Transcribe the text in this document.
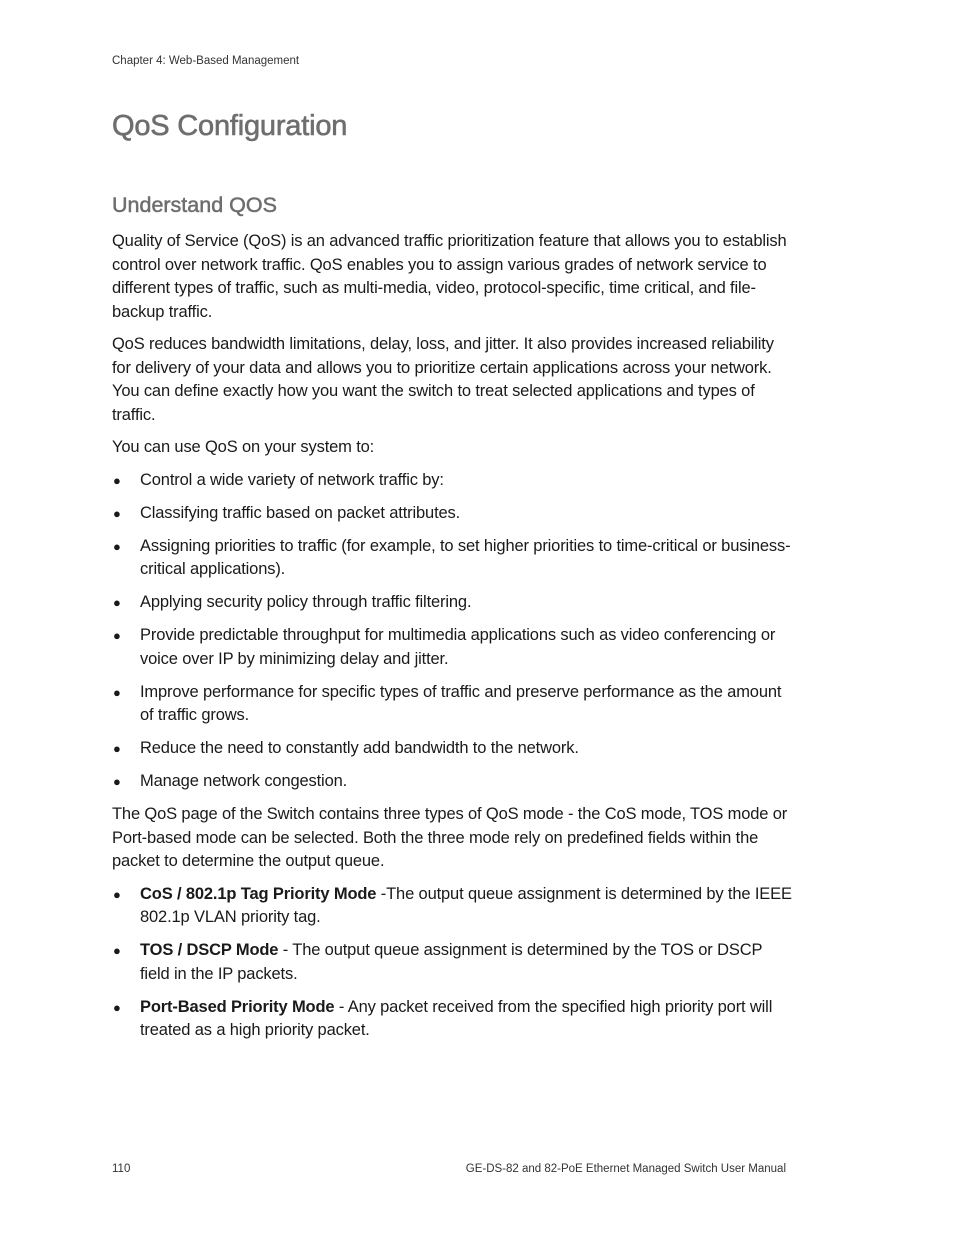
Chapter 4: Web-Based Management
QoS Configuration
Understand QOS

Quality of Service (QoS) is an advanced traffic prioritization feature that allows you to establish control over network traffic. QoS enables you to assign various grades of network service to different types of traffic, such as multi-media, video, protocol-specific, time critical, and file-backup traffic.

QoS reduces bandwidth limitations, delay, loss, and jitter. It also provides increased reliability for delivery of your data and allows you to prioritize certain applications across your network. You can define exactly how you want the switch to treat selected applications and types of traffic.

You can use QoS on your system to:

● Control a wide variety of network traffic by:
● Classifying traffic based on packet attributes.
● Assigning priorities to traffic (for example, to set higher priorities to time-critical or business-critical applications).
● Applying security policy through traffic filtering.
● Provide predictable throughput for multimedia applications such as video conferencing or voice over IP by minimizing delay and jitter.
● Improve performance for specific types of traffic and preserve performance as the amount of traffic grows.
● Reduce the need to constantly add bandwidth to the network.
● Manage network congestion.

The QoS page of the Switch contains three types of QoS mode - the CoS mode, TOS mode or Port-based mode can be selected. Both the three mode rely on predefined fields within the packet to determine the output queue.

● CoS / 802.1p Tag Priority Mode -The output queue assignment is determined by the IEEE 802.1p VLAN priority tag.
● TOS / DSCP Mode - The output queue assignment is determined by the TOS or DSCP field in the IP packets.
● Port-Based Priority Mode - Any packet received from the specified high priority port will treated as a high priority packet.
110	GE-DS-82 and 82-PoE Ethernet Managed Switch User Manual
